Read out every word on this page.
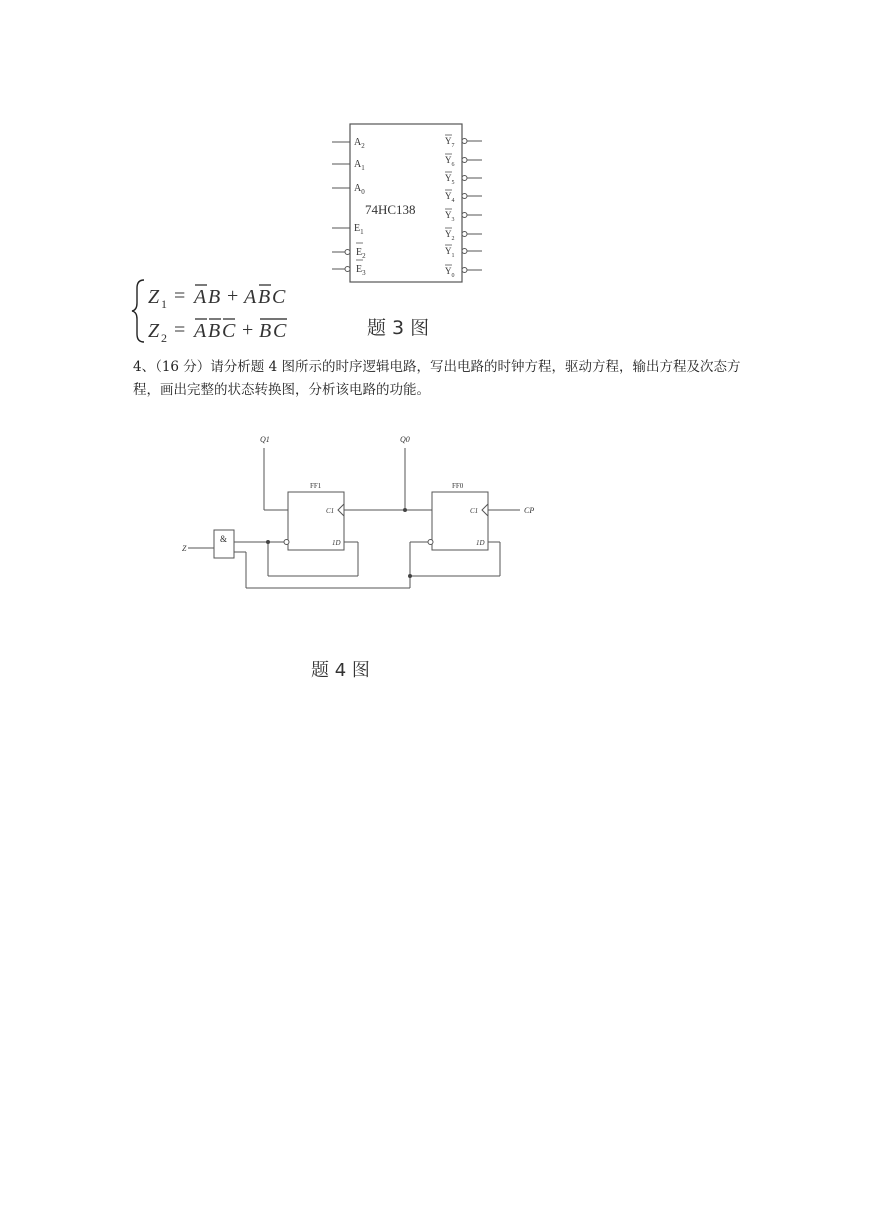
74HC138
$A_2$
$A_1$
$A_0$
$E_1$
$E_2$
$E_3$
$Y_7$
$Y_6$
$Y_5$
$Y_4$
$Y_3$
$Y_2$
$Y_1$
$Y_0$
Z 1 = A B + A B C
Z 2 = A B C + B C	题 3 图
4、（16 分）请分析题 4 图所示的时序逻辑电路，写出电路的时钟方程，驱动方程，输出方程及次态方程，画出完整的状态转换图，分析该电路的功能。
Q1	Q0
FF1	FF0
C1	C1
1D	1D
&
Z
CP
题 4 图
